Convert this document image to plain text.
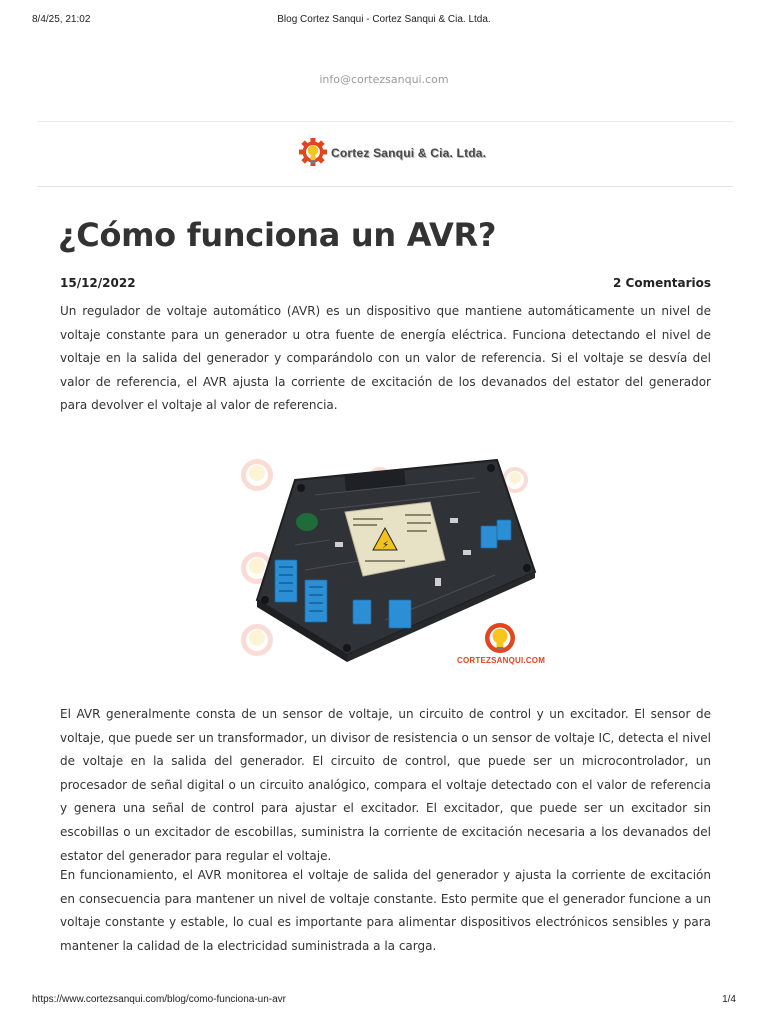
8/4/25, 21:02	Blog Cortez Sanqui - Cortez Sanqui & Cia. Ltda.
info@cortezsanqui.com
Cortez Sanqui & Cia. Ltda.
¿Cómo funciona un AVR?
15/12/2022	2 Comentarios

Un regulador de voltaje automático (AVR) es un dispositivo que mantiene automáticamente un nivel de voltaje constante para un generador u otra fuente de energía eléctrica. Funciona detectando el nivel de voltaje en la salida del generador y comparándolo con un valor de referencia. Si el voltaje se desvía del valor de referencia, el AVR ajusta la corriente de excitación de los devanados del estator del generador para devolver el voltaje al valor de referencia.

⚡
CORTEZSANQUI.COM

El AVR generalmente consta de un sensor de voltaje, un circuito de control y un excitador. El sensor de voltaje, que puede ser un transformador, un divisor de resistencia o un sensor de voltaje IC, detecta el nivel de voltaje en la salida del generador. El circuito de control, que puede ser un microcontrolador, un procesador de señal digital o un circuito analógico, compara el voltaje detectado con el valor de referencia y genera una señal de control para ajustar el excitador. El excitador, que puede ser un excitador sin escobillas o un excitador de escobillas, suministra la corriente de excitación necesaria a los devanados del estator del generador para regular el voltaje.

En funcionamiento, el AVR monitorea el voltaje de salida del generador y ajusta la corriente de excitación en consecuencia para mantener un nivel de voltaje constante. Esto permite que el generador funcione a un voltaje constante y estable, lo cual es importante para alimentar dispositivos electrónicos sensibles y para mantener la calidad de la electricidad suministrada a la carga.

https://www.cortezsanqui.com/blog/como-funciona-un-avr	1/4
